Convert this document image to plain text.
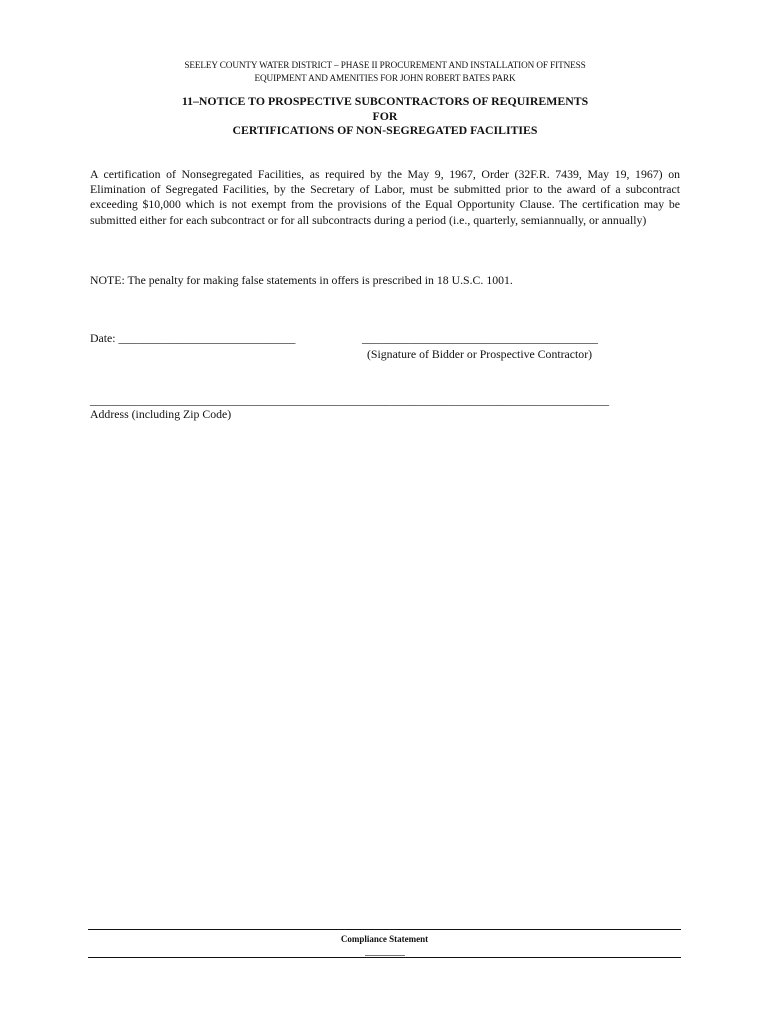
SEELEY COUNTY WATER DISTRICT – PHASE II PROCUREMENT AND INSTALLATION OF FITNESS
EQUIPMENT AND AMENITIES FOR JOHN ROBERT BATES PARK
11–NOTICE TO PROSPECTIVE SUBCONTRACTORS OF REQUIREMENTS
FOR
CERTIFICATIONS OF NON-SEGREGATED FACILITIES
A certification of Nonsegregated Facilities, as required by the May 9, 1967, Order (32F.R. 7439, May 19, 1967) on Elimination of Segregated Facilities, by the Secretary of Labor, must be submitted prior to the award of a subcontract exceeding $10,000 which is not exempt from the provisions of the Equal Opportunity Clause. The certification may be submitted either for each subcontract or for all subcontracts during a period (i.e., quarterly, semiannually, or annually)
NOTE: The penalty for making false statements in offers is prescribed in 18 U.S.C. 1001.
Date: ______________________________	________________________________________
(Signature of Bidder or Prospective Contractor)
________________________________________________________________________________________
Address (including Zip Code)
Compliance Statement
